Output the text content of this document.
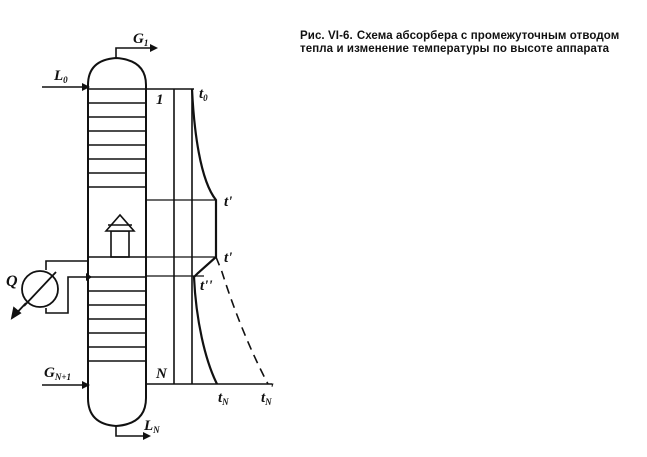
$G_1$
$L_0$
1 $t_0$
t'
t'
t''
Q
N
$G_{N+1}$
$t_N$ $t_N'$
$L_N$
Рис. VI-6. Схема абсорбера с промежуточным отводом тепла и изменение температуры по высоте аппарата
